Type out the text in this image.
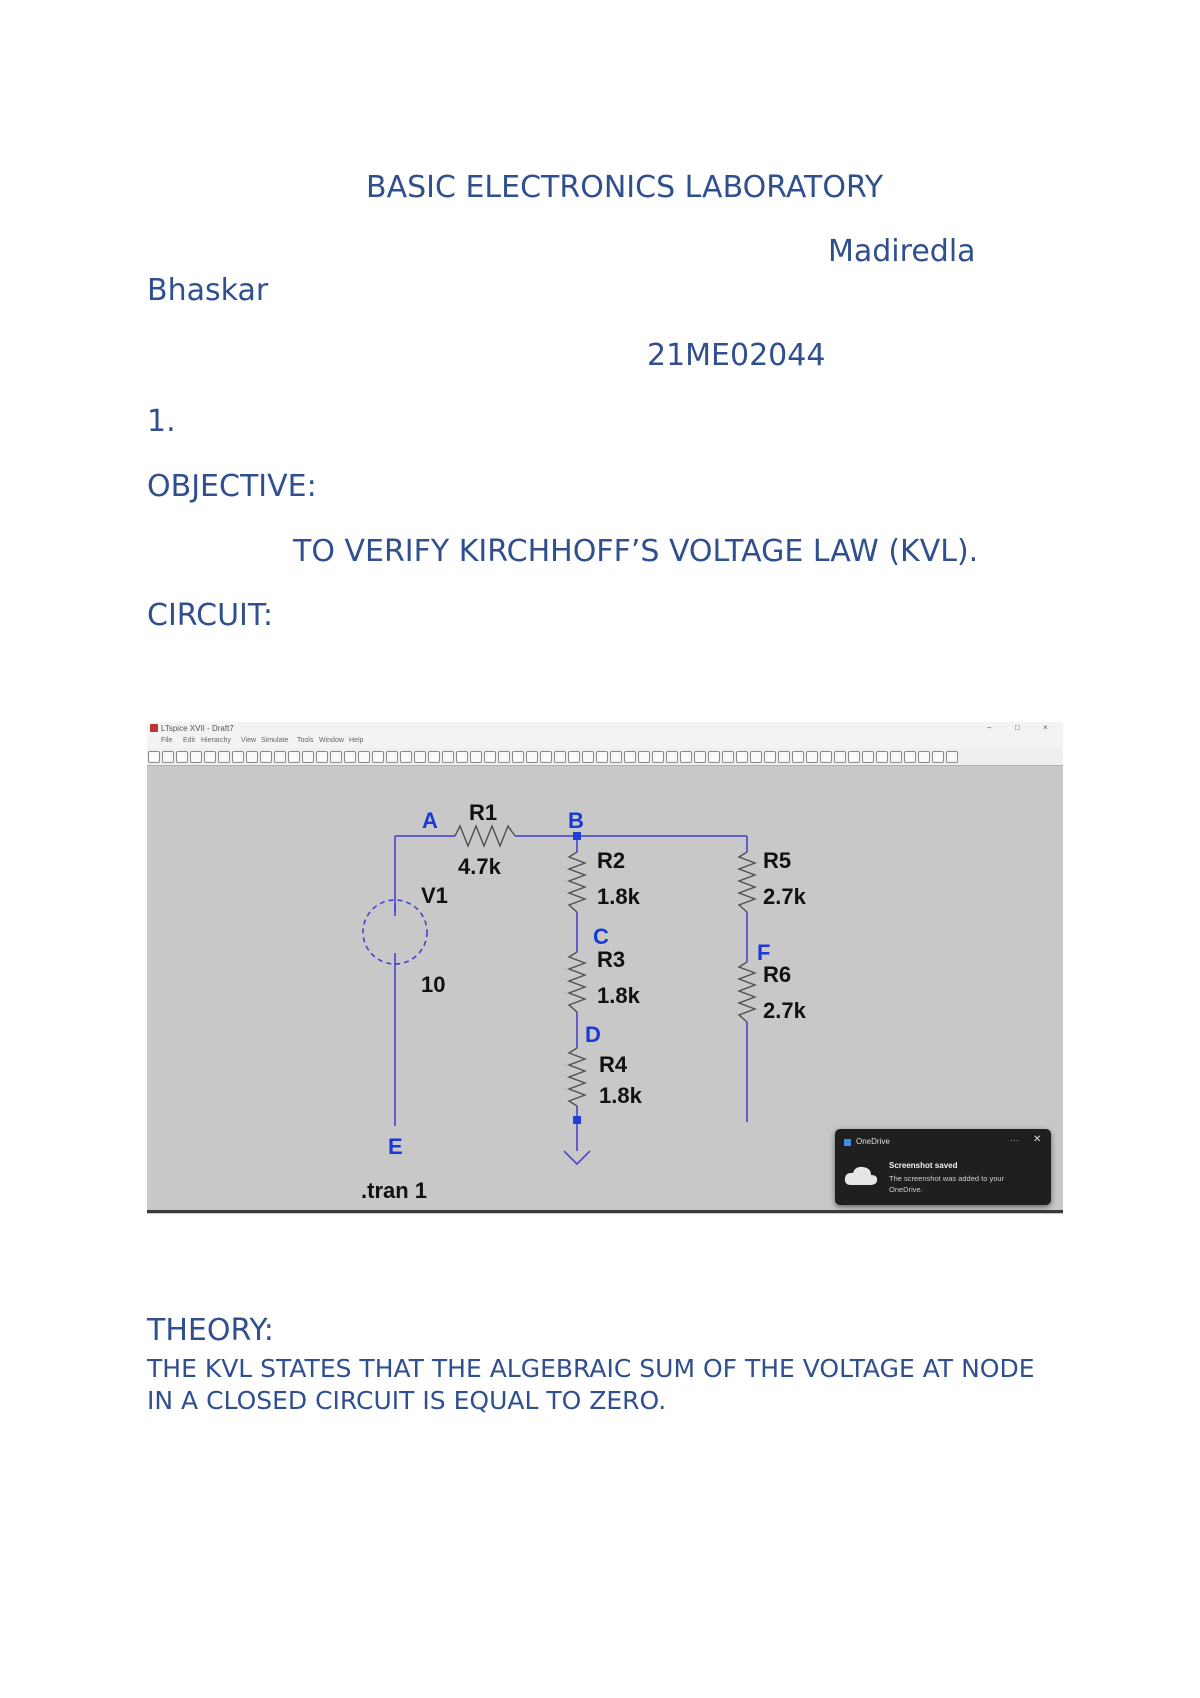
BASIC ELECTRONICS LABORATORY
Madiredla
Bhaskar
21ME02044
1.
OBJECTIVE:
TO VERIFY KIRCHHOFF’S VOLTAGE LAW (KVL).
CIRCUIT:
LTspice XVII - Draft7	–	□	×
File Edit Hierarchy View Simulate Tools Window Help
A	B
C
D
E
F
R1
4.7k	R2
1.8k
R3
1.8k
R4
1.8k
R5
2.7k
R6
2.7k
V1
10
.tran 1
OneDrive	··· ✕
Screenshot saved
The screenshot was added to your OneDrive.
THEORY:
THE KVL STATES THAT THE ALGEBRAIC SUM OF THE VOLTAGE AT NODE IN A CLOSED CIRCUIT IS EQUAL TO ZERO.
